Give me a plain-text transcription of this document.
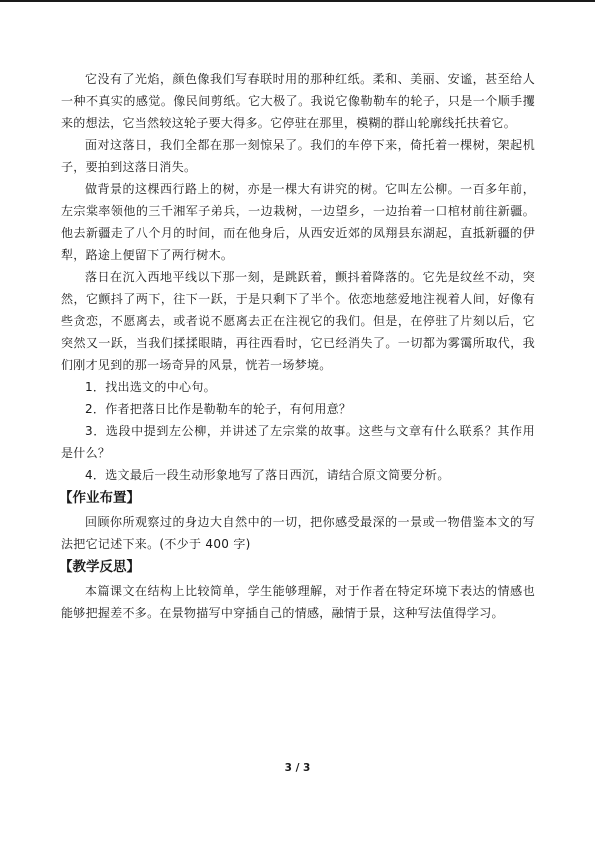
它没有了光焰，颜色像我们写春联时用的那种红纸。柔和、美丽、安谧，甚至给人一种不真实的感觉。像民间剪纸。它大极了。我说它像勒勒车的轮子，只是一个顺手攫来的想法，它当然较这轮子要大得多。它停驻在那里，模糊的群山轮廓线托扶着它。

面对这落日，我们全都在那一刻惊呆了。我们的车停下来，倚托着一棵树，架起机子，要拍到这落日消失。

做背景的这棵西行路上的树，亦是一棵大有讲究的树。它叫左公柳。一百多年前，左宗棠率领他的三千湘军子弟兵，一边栽树，一边望乡，一边抬着一口棺材前往新疆。他去新疆走了八个月的时间，而在他身后，从西安近郊的凤翔县东湖起，直抵新疆的伊犁，路途上便留下了两行树木。

落日在沉入西地平线以下那一刻，是跳跃着，颤抖着降落的。它先是纹丝不动，突然，它颤抖了两下，往下一跃，于是只剩下了半个。依恋地慈爱地注视着人间，好像有些贪恋，不愿离去，或者说不愿离去正在注视它的我们。但是，在停驻了片刻以后，它突然又一跃，当我们揉揉眼睛，再往西看时，它已经消失了。一切都为雾霭所取代，我们刚才见到的那一场奇异的风景，恍若一场梦境。

1．找出选文的中心句。

2．作者把落日比作是勒勒车的轮子，有何用意？

3．选段中提到左公柳，并讲述了左宗棠的故事。这些与文章有什么联系？其作用是什么？

4．选文最后一段生动形象地写了落日西沉，请结合原文简要分析。

【作业布置】

回顾你所观察过的身边大自然中的一切，把你感受最深的一景或一物借鉴本文的写法把它记述下来。(不少于 400 字)

【教学反思】

本篇课文在结构上比较简单，学生能够理解，对于作者在特定环境下表达的情感也能够把握差不多。在景物描写中穿插自己的情感，融情于景，这种写法值得学习。

3 / 3
